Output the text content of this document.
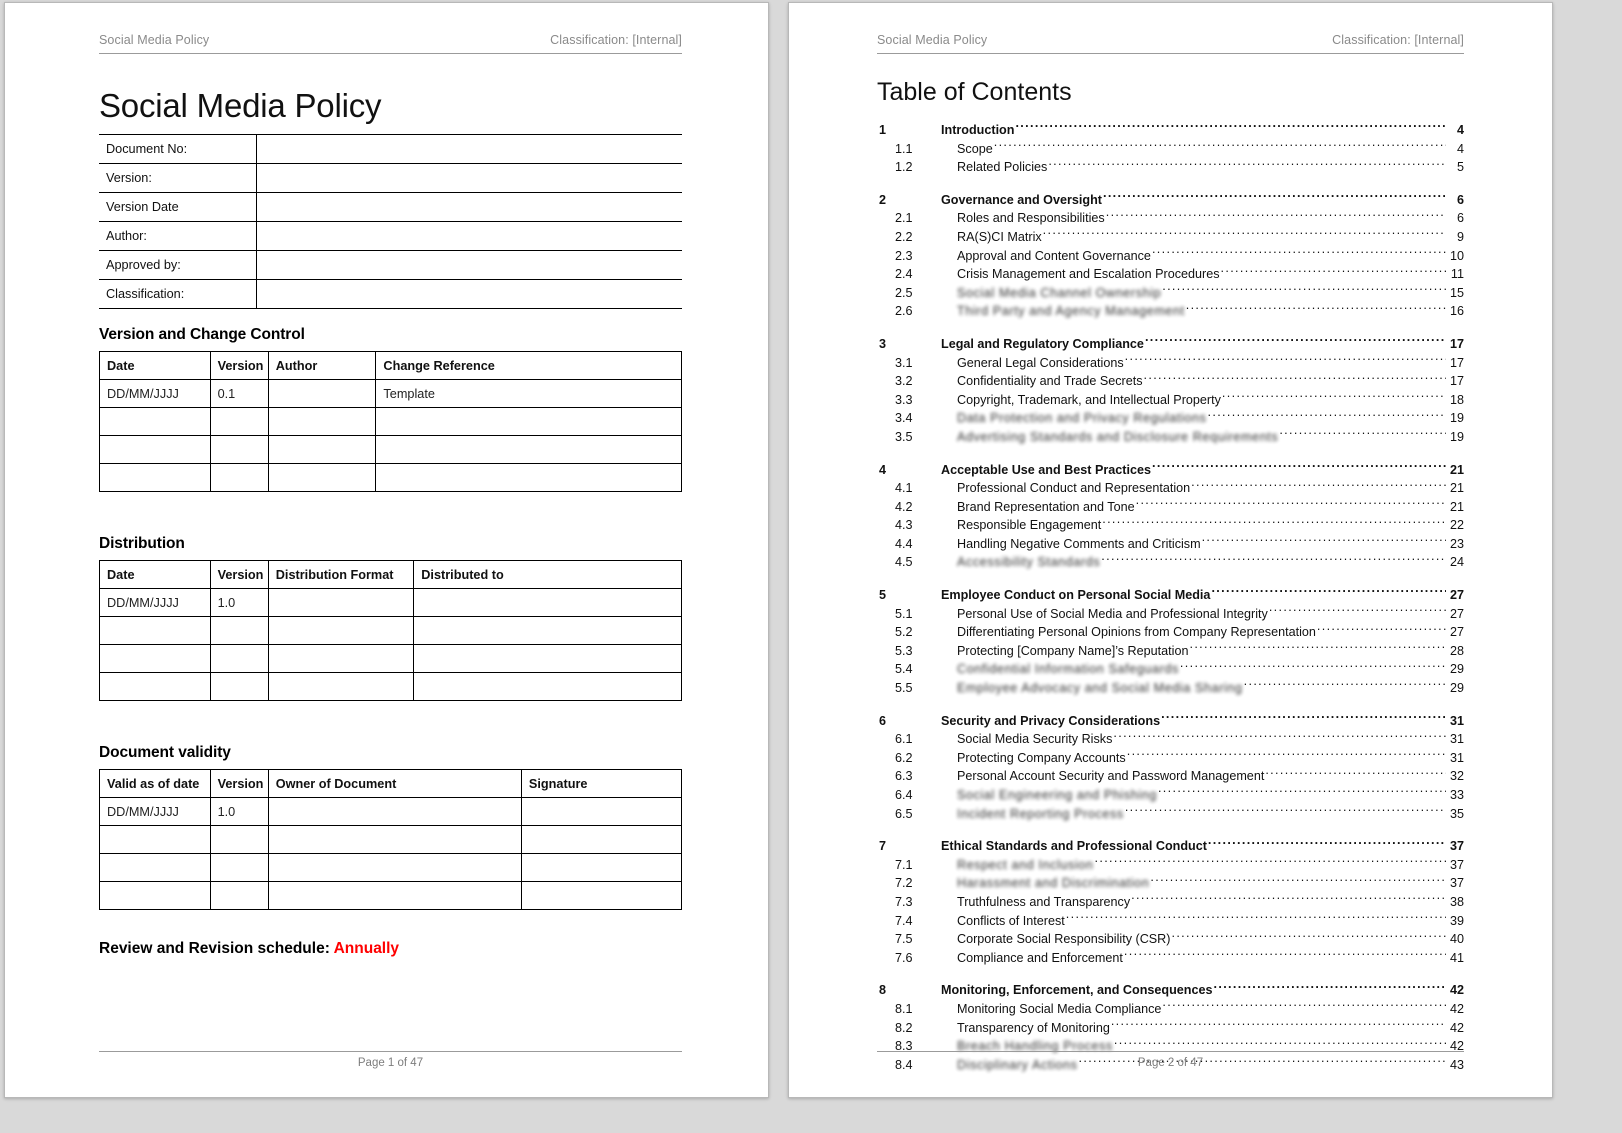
Social Media Policy	Classification: [Internal]
Social Media Policy
Document No:	
Version:	
Version Date	
Author:	
Approved by:	
Classification:	
Version and Change Control
Date	Version	Author	Change Reference
DD/MM/JJJJ	0.1		Template

Distribution
Date	Version	Distribution Format	Distributed to
DD/MM/JJJJ	1.0		

Document validity
Valid as of date	Version	Owner of Document	Signature
DD/MM/JJJJ	1.0		

Review and Revision schedule: Annually
Page 1 of 47
Social Media Policy	Classification: [Internal]
Table of Contents
1	Introduction .....	4
1.1	Scope .....	4
1.2	Related Policies .....	5
2	Governance and Oversight .....	6
2.1	Roles and Responsibilities .....	6
2.2	RA(S)CI Matrix .....	9
2.3	Approval and Content Governance .....	10
2.4	Crisis Management and Escalation Procedures .....	11
2.5	Social Media Channel Ownership .....	15
2.6	Third Party and Agency Management .....	16
3	Legal and Regulatory Compliance .....	17
3.1	General Legal Considerations .....	17
3.2	Confidentiality and Trade Secrets .....	17
3.3	Copyright, Trademark, and Intellectual Property .....	18
3.4	Data Protection and Privacy Regulations .....	19
3.5	Advertising Standards and Disclosure Requirements .....	19
4	Acceptable Use and Best Practices .....	21
4.1	Professional Conduct and Representation .....	21
4.2	Brand Representation and Tone .....	21
4.3	Responsible Engagement .....	22
4.4	Handling Negative Comments and Criticism .....	23
4.5	Accessibility Standards .....	24
5	Employee Conduct on Personal Social Media .....	27
5.1	Personal Use of Social Media and Professional Integrity .....	27
5.2	Differentiating Personal Opinions from Company Representation .....	27
5.3	Protecting [Company Name]’s Reputation .....	28
5.4	Confidential Information Safeguards .....	29
5.5	Employee Advocacy and Social Media Sharing .....	29
6	Security and Privacy Considerations .....	31
6.1	Social Media Security Risks .....	31
6.2	Protecting Company Accounts .....	31
6.3	Personal Account Security and Password Management .....	32
6.4	Social Engineering and Phishing .....	33
6.5	Incident Reporting Process .....	35
7	Ethical Standards and Professional Conduct .....	37
7.1	Respect and Inclusion .....	37
7.2	Harassment and Discrimination .....	37
7.3	Truthfulness and Transparency .....	38
7.4	Conflicts of Interest .....	39
7.5	Corporate Social Responsibility (CSR) .....	40
7.6	Compliance and Enforcement .....	41
8	Monitoring, Enforcement, and Consequences .....	42
8.1	Monitoring Social Media Compliance .....	42
8.2	Transparency of Monitoring .....	42
8.3	Breach Handling Process .....	42
8.4	Disciplinary Actions .....	43
Page 2 of 47
